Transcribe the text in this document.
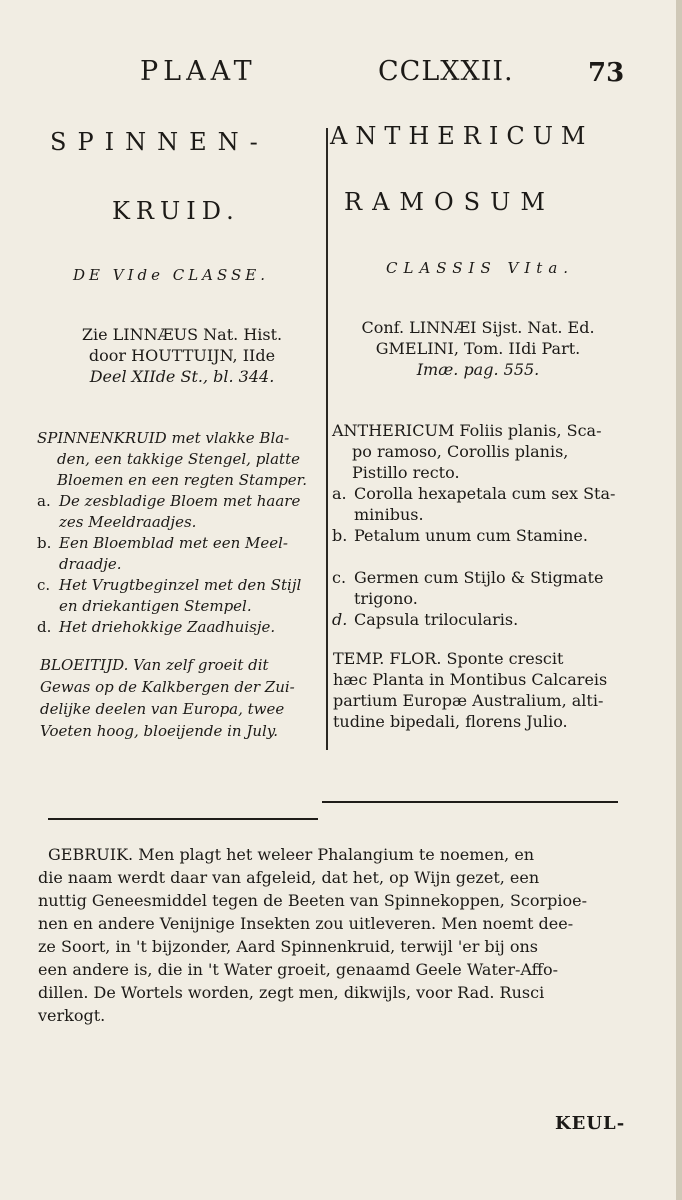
PLAAT	CCLXXII.	73
SPINNEN-
KRUID.
DE VIde CLASSE.

Zie LINNÆUS Nat. Hist.

door HOUTTUIJN, IIde

Deel XIIde St., bl. 344.

SPINNENKRUID met vlakke Bla-

den, een takkige Stengel, platte

Bloemen en een regten Stamper.

a. De zesbladige Bloem met haare

zes Meeldraadjes.

b. Een Bloemblad met een Meel-

draadje.

c. Het Vrugtbeginzel met den Stijl

en driekantigen Stempel.

d. Het driehokkige Zaadhuisje.

BLOEITIJD. Van zelf groeit dit

Gewas op de Kalkbergen der Zui-

delijke deelen van Europa, twee

Voeten hoog, bloeijende in July.

ANTHERICUM
RAMOSUM
CLASSIS VIta.

Conf. LINNÆI Sijst. Nat. Ed.

GMELINI, Tom. IIdi Part.

Imæ. pag. 555.

ANTHERICUM Foliis planis, Sca-

po ramoso, Corollis planis,

Pistillo recto.

a. Corolla hexapetala cum sex Sta-

minibus.

b. Petalum unum cum Stamine.

c. Germen cum Stijlo & Stigmate

trigono.

d. Capsula trilocularis.

TEMP. FLOR. Sponte crescit

hæc Planta in Montibus Calcareis

partium Europæ Australium, alti-

tudine bipedali, florens Julio.

GEBRUIK. Men plagt het weleer Phalangium te noemen, en

die naam werdt daar van afgeleid, dat het, op Wijn gezet, een

nuttig Geneesmiddel tegen de Beeten van Spinnekoppen, Scorpioe-

nen en andere Venijnige Insekten zou uitleveren. Men noemt dee-

ze Soort, in 't bijzonder, Aard Spinnenkruid, terwijl 'er bij ons

een andere is, die in 't Water groeit, genaamd Geele Water-Affo-

dillen. De Wortels worden, zegt men, dikwijls, voor Rad. Rusci

verkogt.

KEUL-
